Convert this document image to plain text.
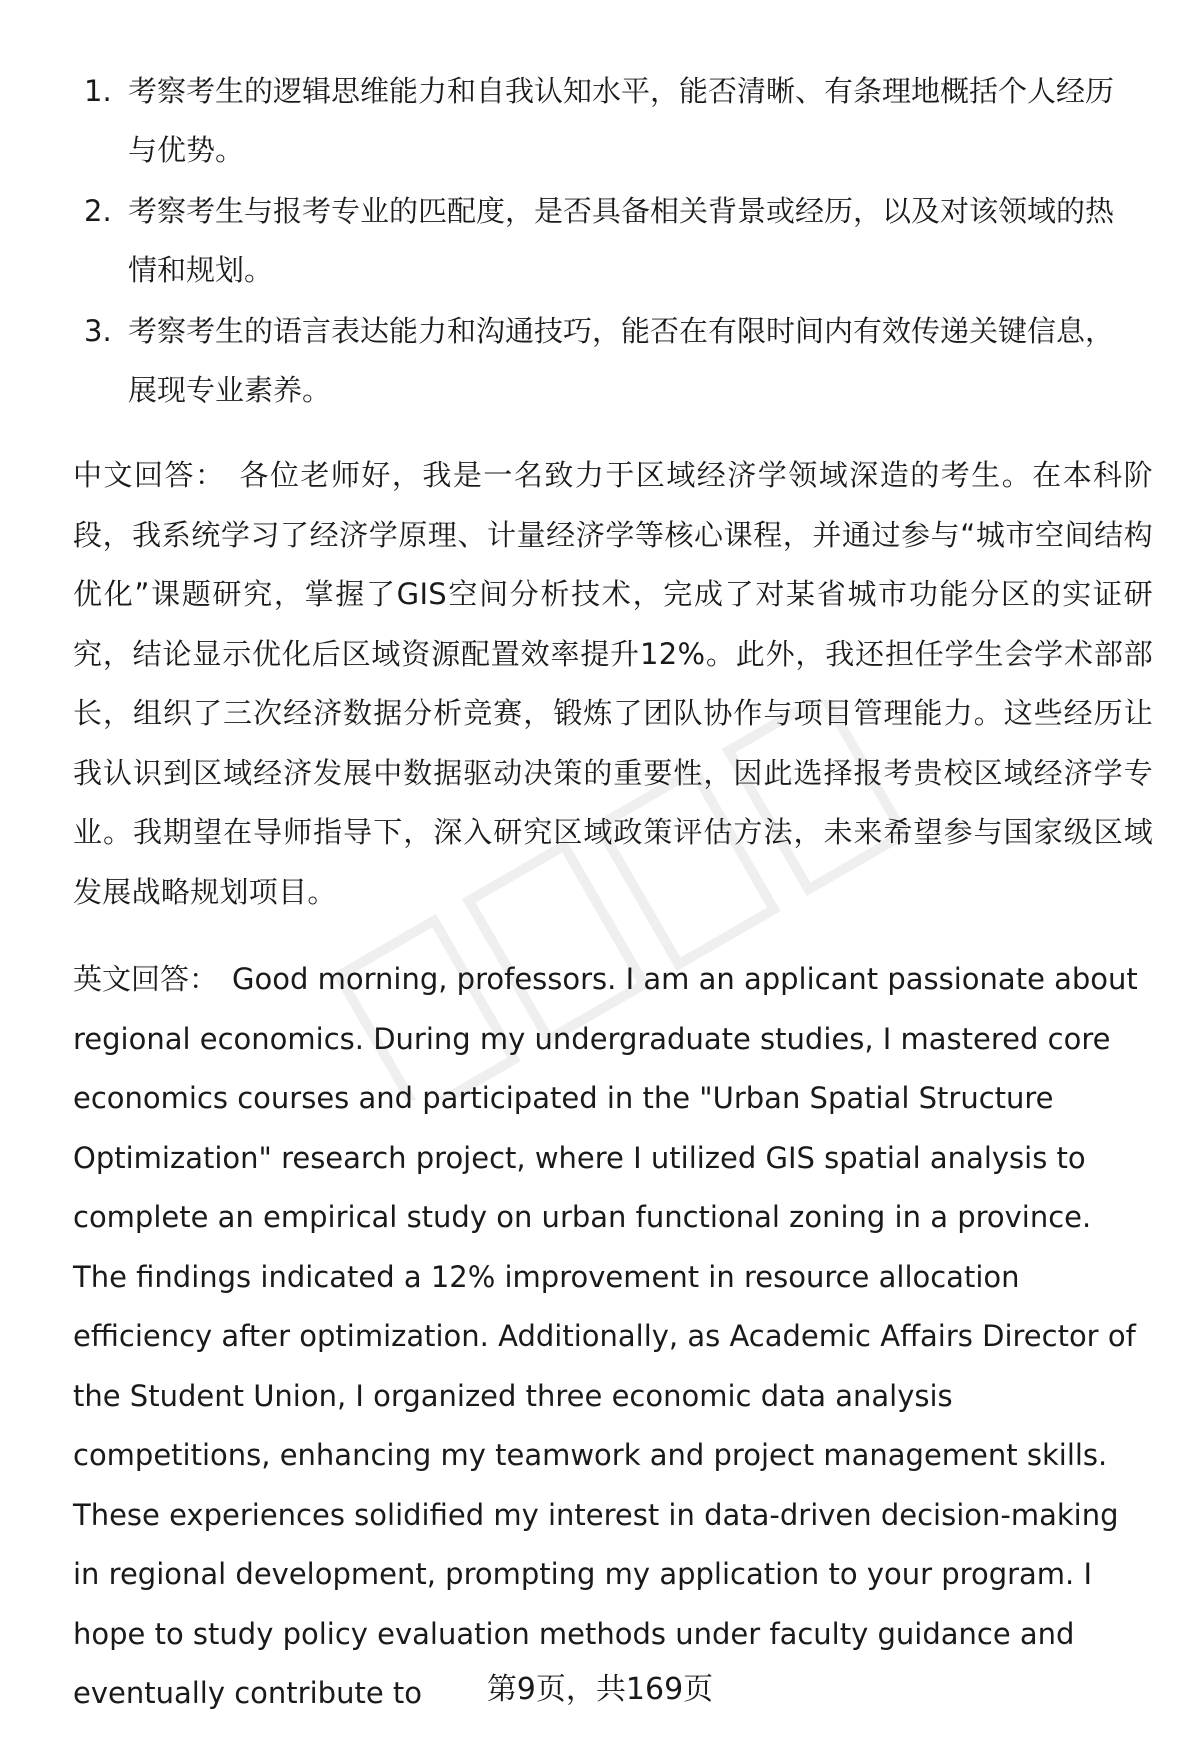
1. 考察考生的逻辑思维能力和自我认知水平，能否清晰、有条理地概括个人经历与优势。
2. 考察考生与报考专业的匹配度，是否具备相关背景或经历，以及对该领域的热情和规划。
3. 考察考生的语言表达能力和沟通技巧，能否在有限时间内有效传递关键信息，展现专业素养。

中文回答： 各位老师好，我是一名致力于区域经济学领域深造的考生。在本科阶段，我系统学习了经济学原理、计量经济学等核心课程，并通过参与“城市空间结构优化”课题研究，掌握了GIS空间分析技术，完成了对某省城市功能分区的实证研究，结论显示优化后区域资源配置效率提升12%。此外，我还担任学生会学术部部长，组织了三次经济数据分析竞赛，锻炼了团队协作与项目管理能力。这些经历让我认识到区域经济发展中数据驱动决策的重要性，因此选择报考贵校区域经济学专业。我期望在导师指导下，深入研究区域政策评估方法，未来希望参与国家级区域发展战略规划项目。

英文回答： Good morning, professors. I am an applicant passionate about regional economics. During my undergraduate studies, I mastered core economics courses and participated in the "Urban Spatial Structure Optimization" research project, where I utilized GIS spatial analysis to complete an empirical study on urban functional zoning in a province. The findings indicated a 12% improvement in resource allocation efficiency after optimization. Additionally, as Academic Affairs Director of the Student Union, I organized three economic data analysis competitions, enhancing my teamwork and project management skills. These experiences solidified my interest in data-driven decision-making in regional development, prompting my application to your program. I hope to study policy evaluation methods under faculty guidance and eventually contribute to	第9页，共169页
